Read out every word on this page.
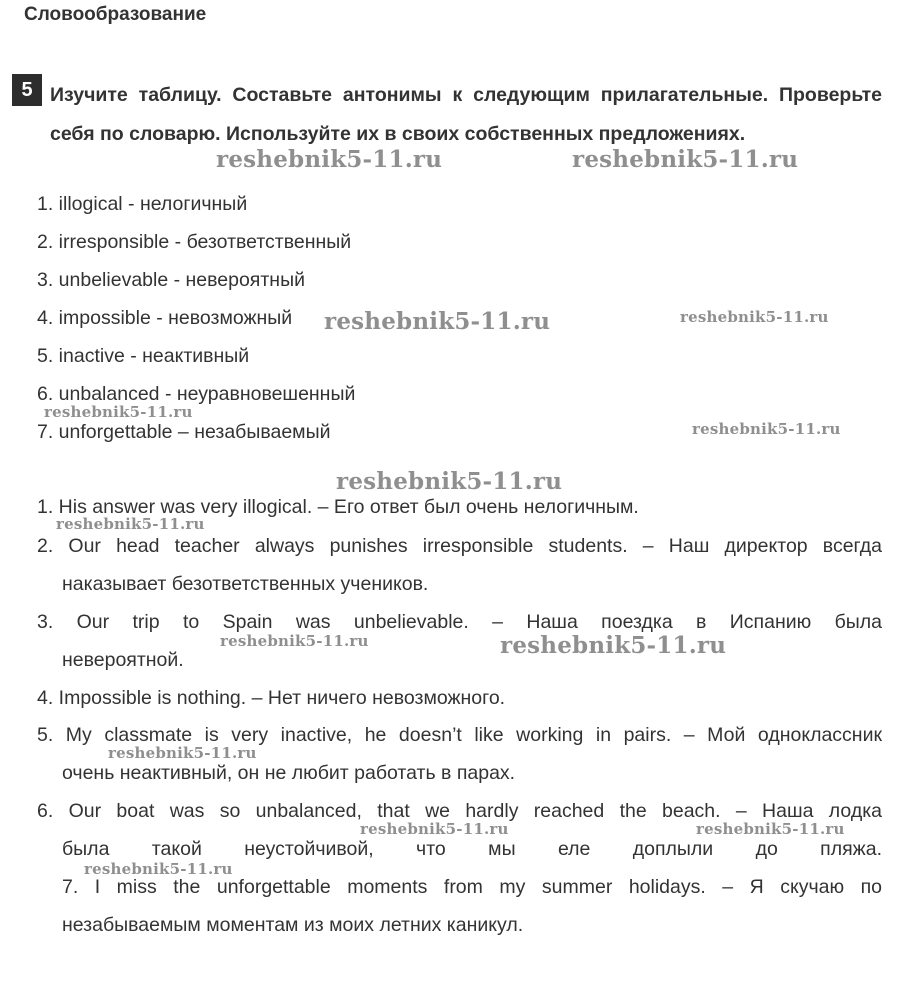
Словообразование
5 Изучите таблицу. Составьте антонимы к следующим прилагательные. Проверьте себя по словарю. Используйте их в своих собственных предложениях.
1. illogical - нелогичный
2. irresponsible - безответственный
3. unbelievable - невероятный
4. impossible - невозможный
5. inactive - неактивный
6. unbalanced - неуравновешенный
7. unforgettable – незабываемый
1. His answer was very illogical. – Его ответ был очень нелогичным.
2. Our head teacher always punishes irresponsible students. – Наш директор всегда
наказывает безответственных учеников.
3. Our trip to Spain was unbelievable. – Наша поездка в Испанию была
невероятной.
4. Impossible is nothing. – Нет ничего невозможного.
5. My classmate is very inactive, he doesn’t like working in pairs. – Мой одноклассник
очень неактивный, он не любит работать в парах.
6. Our boat was so unbalanced, that we hardly reached the beach. – Наша лодка
была такой неустойчивой, что мы еле доплыли до пляжа.
7. I miss the unforgettable moments from my summer holidays. – Я скучаю по
незабываемым моментам из моих летних каникул.
reshebnik5-11.ru	reshebnik5-11.ru
reshebnik5-11.ru	reshebnik5-11.ru
reshebnik5-11.ru
reshebnik5-11.ru
reshebnik5-11.ru
reshebnik5-11.ru
reshebnik5-11.ru	reshebnik5-11.ru
reshebnik5-11.ru
reshebnik5-11.ru	reshebnik5-11.ru
reshebnik5-11.ru
